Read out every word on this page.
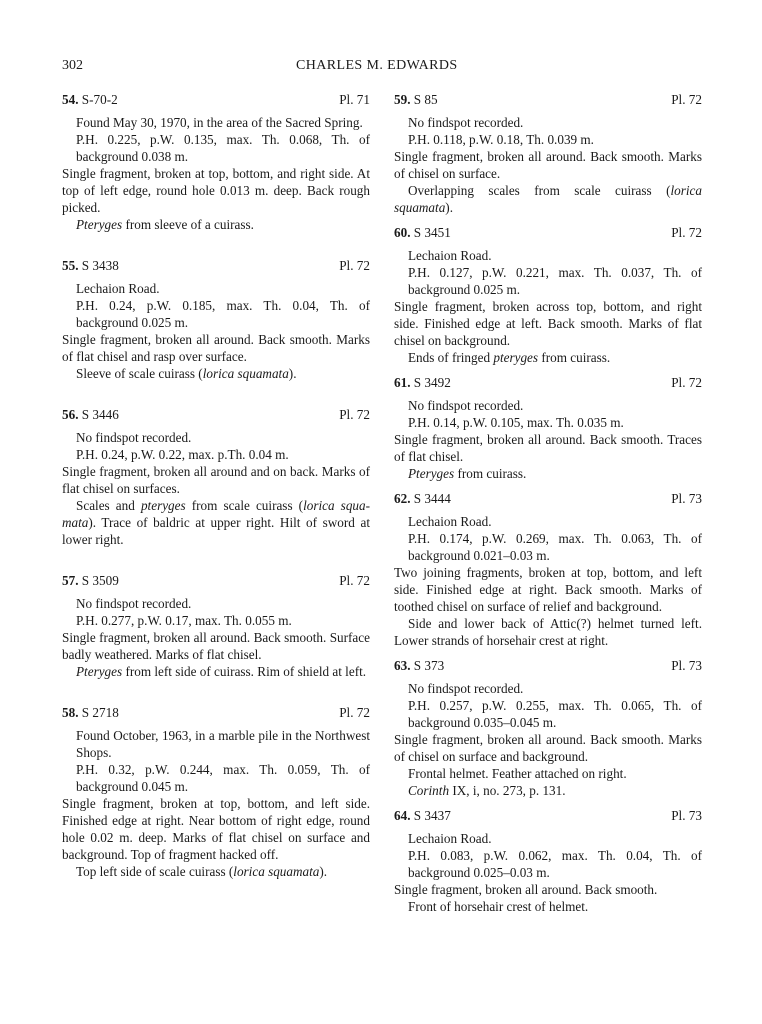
302	CHARLES M. EDWARDS
54. S-70-2	Pl. 71
Found May 30, 1970, in the area of the Sacred Spring.
P.H. 0.225, p.W. 0.135, max. Th. 0.068, Th. of background 0.038 m.
Single fragment, broken at top, bottom, and right side. At top of left edge, round hole 0.013 m. deep. Back rough picked.
Pteryges from sleeve of a cuirass.
55. S 3438	Pl. 72
Lechaion Road.
P.H. 0.24, p.W. 0.185, max. Th. 0.04, Th. of background 0.025 m.
Single fragment, broken all around. Back smooth. Marks of flat chisel and rasp over surface.
Sleeve of scale cuirass (lorica squamata).
56. S 3446	Pl. 72
No findspot recorded.
P.H. 0.24, p.W. 0.22, max. p.Th. 0.04 m.
Single fragment, broken all around and on back. Marks of flat chisel on surfaces.
Scales and pteryges from scale cuirass (lorica squa-mata). Trace of baldric at upper right. Hilt of sword at lower right.
57. S 3509	Pl. 72
No findspot recorded.
P.H. 0.277, p.W. 0.17, max. Th. 0.055 m.
Single fragment, broken all around. Back smooth. Surface badly weathered. Marks of flat chisel.
Pteryges from left side of cuirass. Rim of shield at left.
58. S 2718	Pl. 72
Found October, 1963, in a marble pile in the Northwest Shops.
P.H. 0.32, p.W. 0.244, max. Th. 0.059, Th. of background 0.045 m.
Single fragment, broken at top, bottom, and left side. Finished edge at right. Near bottom of right edge, round hole 0.02 m. deep. Marks of flat chisel on surface and background. Top of fragment hacked off.
Top left side of scale cuirass (lorica squamata).
59. S 85	Pl. 72
No findspot recorded.
P.H. 0.118, p.W. 0.18, Th. 0.039 m.
Single fragment, broken all around. Back smooth. Marks of chisel on surface.
Overlapping scales from scale cuirass (lorica squamata).
60. S 3451	Pl. 72
Lechaion Road.
P.H. 0.127, p.W. 0.221, max. Th. 0.037, Th. of background 0.025 m.
Single fragment, broken across top, bottom, and right side. Finished edge at left. Back smooth. Marks of flat chisel on background.
Ends of fringed pteryges from cuirass.
61. S 3492	Pl. 72
No findspot recorded.
P.H. 0.14, p.W. 0.105, max. Th. 0.035 m.
Single fragment, broken all around. Back smooth. Traces of flat chisel.
Pteryges from cuirass.
62. S 3444	Pl. 73
Lechaion Road.
P.H. 0.174, p.W. 0.269, max. Th. 0.063, Th. of background 0.021–0.03 m.
Two joining fragments, broken at top, bottom, and left side. Finished edge at right. Back smooth. Marks of toothed chisel on surface of relief and background.
Side and lower back of Attic(?) helmet turned left. Lower strands of horsehair crest at right.
63. S 373	Pl. 73
No findspot recorded.
P.H. 0.257, p.W. 0.255, max. Th. 0.065, Th. of background 0.035–0.045 m.
Single fragment, broken all around. Back smooth. Marks of chisel on surface and background.
Frontal helmet. Feather attached on right.
Corinth IX, i, no. 273, p. 131.
64. S 3437	Pl. 73
Lechaion Road.
P.H. 0.083, p.W. 0.062, max. Th. 0.04, Th. of background 0.025–0.03 m.
Single fragment, broken all around. Back smooth.
Front of horsehair crest of helmet.
